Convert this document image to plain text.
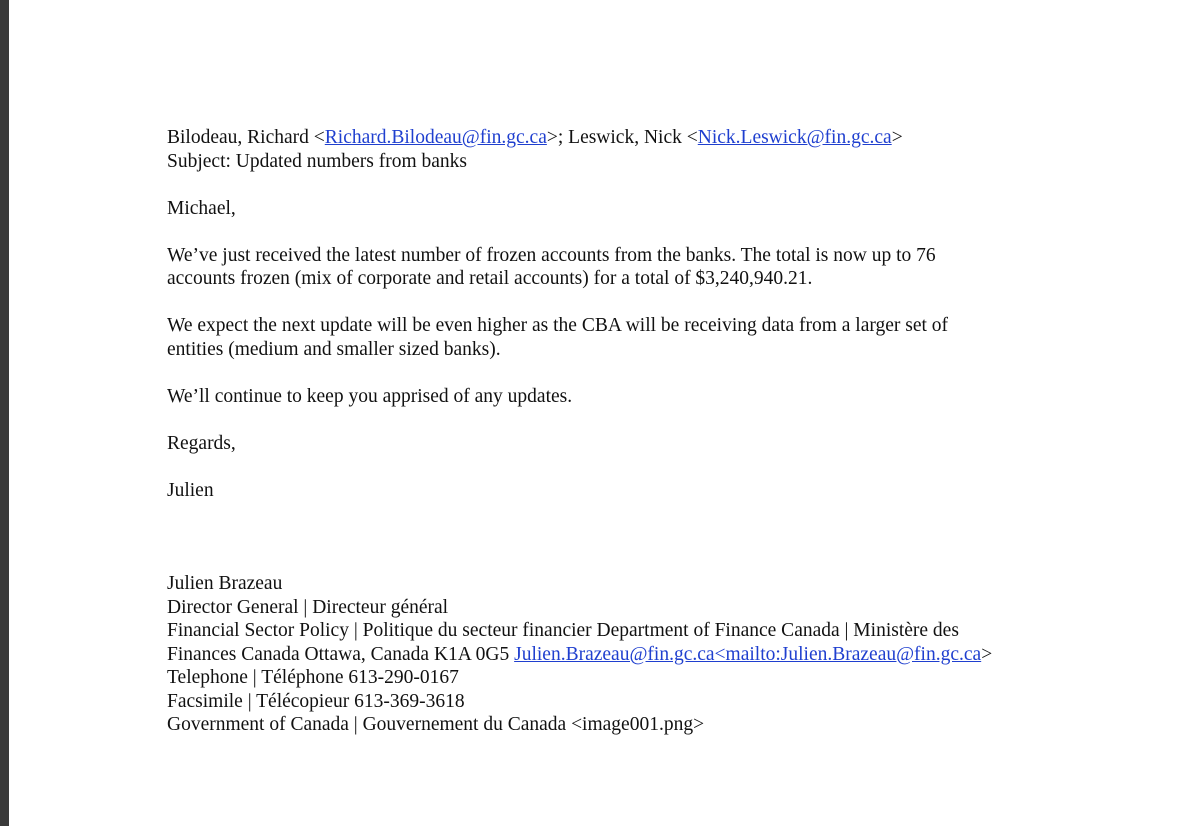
Bilodeau, Richard <Richard.Bilodeau@fin.gc.ca>; Leswick, Nick <Nick.Leswick@fin.gc.ca>
Subject: Updated numbers from banks
Michael,
We’ve just received the latest number of frozen accounts from the banks. The total is now up to 76
accounts frozen (mix of corporate and retail accounts) for a total of $3,240,940.21.
We expect the next update will be even higher as the CBA will be receiving data from a larger set of
entities (medium and smaller sized banks).
We’ll continue to keep you apprised of any updates.
Regards,
Julien
Julien Brazeau
Director General | Directeur général
Financial Sector Policy | Politique du secteur financier Department of Finance Canada | Ministère des
Finances Canada Ottawa, Canada K1A 0G5 Julien.Brazeau@fin.gc.ca<mailto:Julien.Brazeau@fin.gc.ca>
Telephone | Téléphone 613-290-0167
Facsimile | Télécopieur 613-369-3618
Government of Canada | Gouvernement du Canada <image001.png>
